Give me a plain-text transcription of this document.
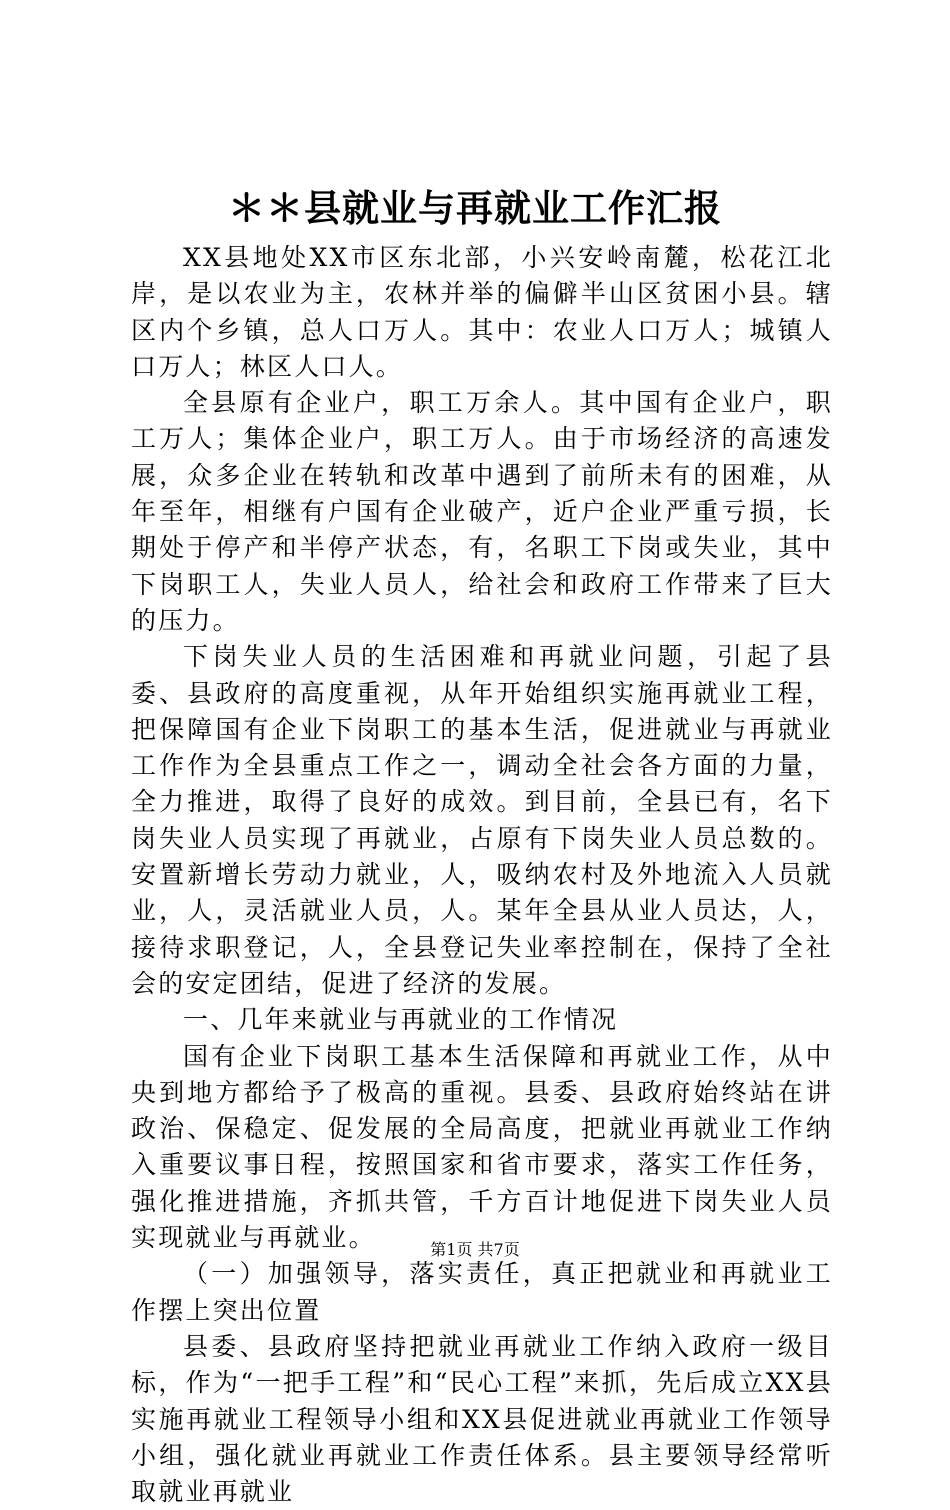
＊＊县就业与再就业工作汇报

XX县地处XX市区东北部，小兴安岭南麓，松花江北岸，是以农业为主，农林并举的偏僻半山区贫困小县。辖区内个乡镇，总人口万人。其中：农业人口万人；城镇人口万人；林区人口人。

全县原有企业户，职工万余人。其中国有企业户，职工万人；集体企业户，职工万人。由于市场经济的高速发展，众多企业在转轨和改革中遇到了前所未有的困难，从年至年，相继有户国有企业破产，近户企业严重亏损，长期处于停产和半停产状态，有，名职工下岗或失业，其中下岗职工人，失业人员人，给社会和政府工作带来了巨大的压力。

下岗失业人员的生活困难和再就业问题，引起了县委、县政府的高度重视，从年开始组织实施再就业工程，把保障国有企业下岗职工的基本生活，促进就业与再就业工作作为全县重点工作之一，调动全社会各方面的力量，全力推进，取得了良好的成效。到目前，全县已有，名下岗失业人员实现了再就业，占原有下岗失业人员总数的。安置新增长劳动力就业，人，吸纳农村及外地流入人员就业，人，灵活就业人员，人。某年全县从业人员达，人，接待求职登记，人，全县登记失业率控制在，保持了全社会的安定团结，促进了经济的发展。

一、几年来就业与再就业的工作情况

国有企业下岗职工基本生活保障和再就业工作，从中央到地方都给予了极高的重视。县委、县政府始终站在讲政治、保稳定、促发展的全局高度，把就业再就业工作纳入重要议事日程，按照国家和省市要求，落实工作任务，强化推进措施，齐抓共管，千方百计地促进下岗失业人员实现就业与再就业。

（一）加强领导，落实责任，真正把就业和再就业工作摆上突出位置

县委、县政府坚持把就业再就业工作纳入政府一级目标，作为“一把手工程”和“民心工程”来抓，先后成立XX县实施再就业工程领导小组和XX县促进就业再就业工作领导小组，强化就业再就业工作责任体系。县主要领导经常听取就业再就业

第1页 共7页
